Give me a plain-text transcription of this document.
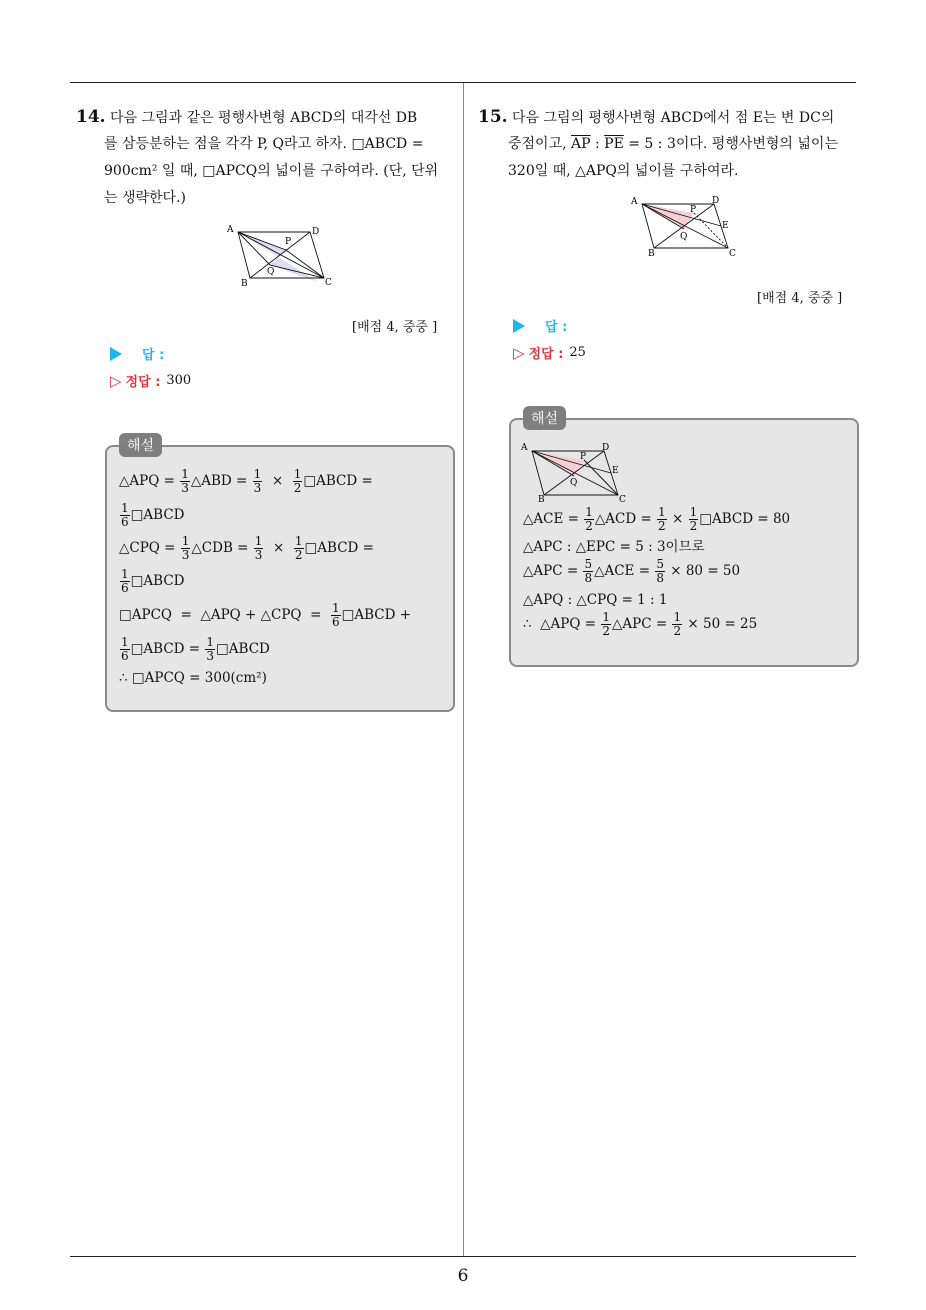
14. 다음 그림과 같은 평행사변형 ABCD의 대각선 DB
를 삼등분하는 점을 각각 P, Q라고 하자. □ABCD =
900cm² 일 때, □APCQ의 넓이를 구하여라. (단, 단위
는 생략한다.)
A	D
B	C
P
Q
[배점 4, 중중 ]
답 :
▷ 정답 : 300
해설
△APQ = $\frac{1}{3}$ △ABD = $\frac{1}{3} \times \frac{1}{2}$ □ABCD =
$\frac{1}{6}$ □ABCD
△CPQ = $\frac{1}{3}$ △CDB = $\frac{1}{3} \times \frac{1}{2}$ □ABCD =
$\frac{1}{6}$ □ABCD
□APCQ  =  △APQ + △CPQ  = $\frac{1}{6}$ □ABCD +
$\frac{1}{6}$ □ABCD = $\frac{1}{3}$ □ABCD
∴ □APCQ = 300(cm²)
15. 다음 그림의 평행사변형 ABCD에서 점 E는 변 DC의
중점이고, $\overline{AP}$ : $\overline{PE} = 5$ : 3이다. 평행사변형의 넓이는
320일 때, △APQ의 넓이를 구하여라.
A	D
E
B	C
P
Q
[배점 4, 중중 ]
답 :
▷ 정답 : 25
해설
A	D
E
B	C
P
Q
△ACE = $\frac{1}{2}$ △ACD = $\frac{1}{2} \times \frac{1}{2}$ □ABCD = 80
△APC : △EPC = 5 : 3이므로
△APC = $\frac{5}{8}$ △ACE = $\frac{5}{8} \times 80 = 50$
△APQ : △CPQ = 1 : 1
∴  △APQ = $\frac{1}{2}$ △APC = $\frac{1}{2} \times 50 = 25$
6
